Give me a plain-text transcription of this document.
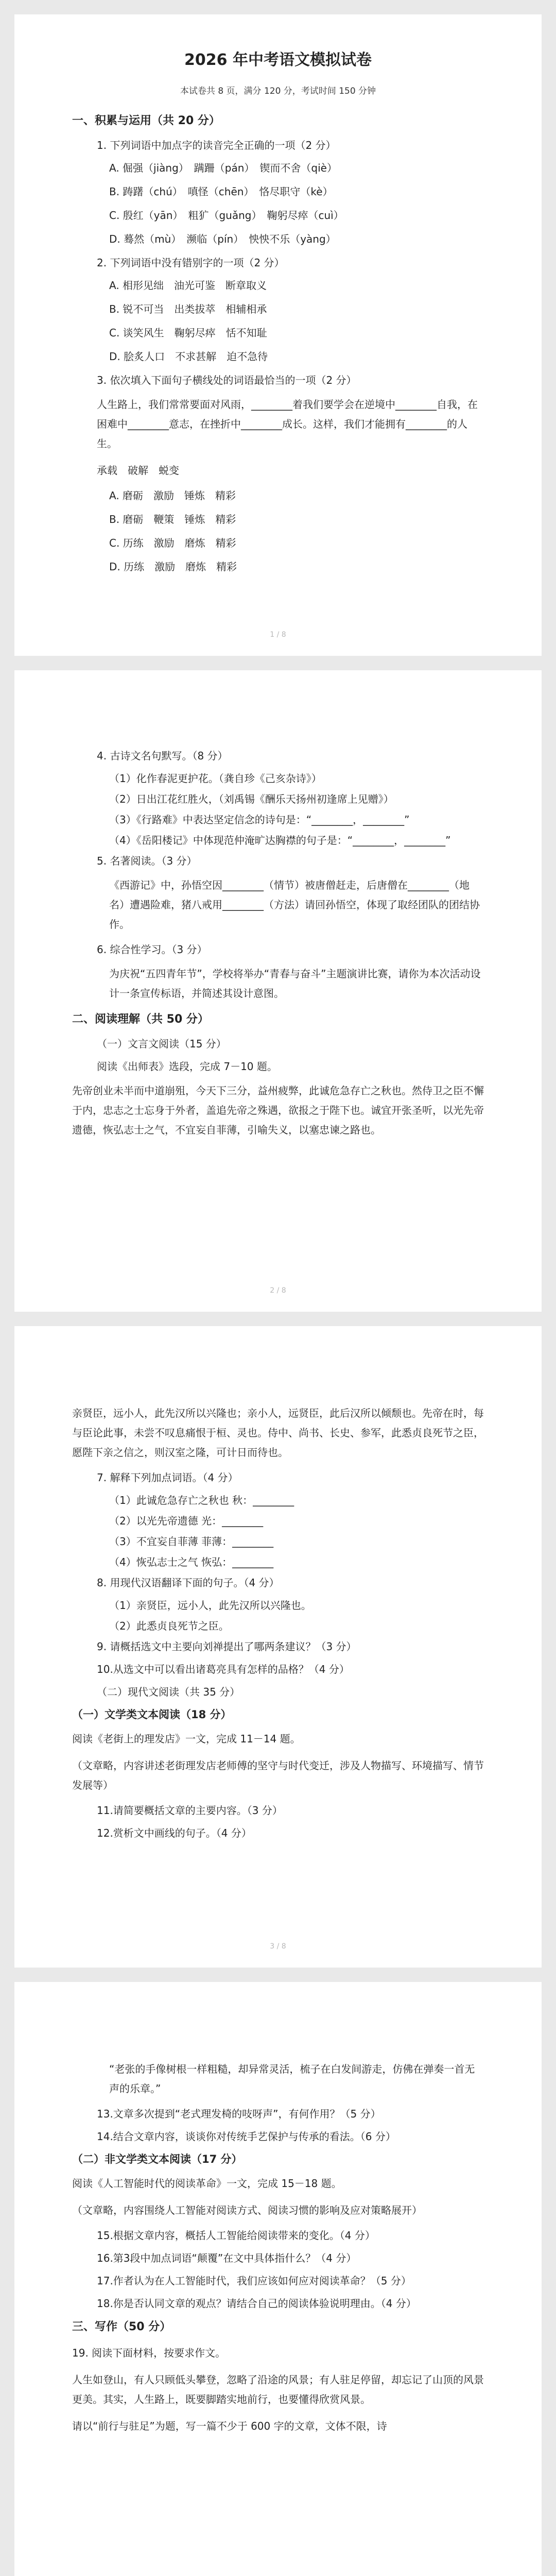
2026 年中考语文模拟试卷
本试卷共 8 页，满分 120 分，考试时间 150 分钟
一、积累与运用（共 20 分）
1. 下列词语中加点字的读音完全正确的一项（2 分）
A. 倔强（jiàng）　蹒跚（pán）　锲而不舍（qiè）
B. 踌躇（chú）　嗔怪（chēn）　恪尽职守（kè）
C. 殷红（yān）　粗犷（guǎng）　鞠躬尽瘁（cuì）
D. 蓦然（mù）　濒临（pín）　怏怏不乐（yàng）
2. 下列词语中没有错别字的一项（2 分）
A. 相形见绌　油光可鉴　断章取义
B. 锐不可当　出类拔萃　相辅相承
C. 谈笑风生　鞠躬尽瘁　恬不知耻
D. 脍炙人口　不求甚解　迫不急待
3. 依次填入下面句子横线处的词语最恰当的一项（2 分）
人生路上，我们常常要面对风雨，________着我们要学会在逆境中________自我，在困难中________意志，在挫折中________成长。这样，我们才能拥有________的人生。
承载　破解　蜕变
A. 磨砺　激励　锤炼　精彩
B. 磨砺　鞭策　锤炼　精彩
C. 历练　激励　磨炼　精彩
D. 历练　激励　磨炼　精彩
1 / 8
4. 古诗文名句默写。（8 分）
（1）化作春泥更护花。（龚自珍《己亥杂诗》）
（2）日出江花红胜火，（刘禹锡《酬乐天扬州初逢席上见赠》）
（3）《行路难》中表达坚定信念的诗句是：“________，________”
（4）《岳阳楼记》中体现范仲淹旷达胸襟的句子是：“________，________”
5. 名著阅读。（3 分）
《西游记》中，孙悟空因________（情节）被唐僧赶走，后唐僧在________（地名）遭遇险难，猪八戒用________（方法）请回孙悟空，体现了取经团队的团结协作。
6. 综合性学习。（3 分）
为庆祝“五四青年节”，学校将举办“青春与奋斗”主题演讲比赛，请你为本次活动设计一条宣传标语，并简述其设计意图。
二、阅读理解（共 50 分）
（一）文言文阅读（15 分）
阅读《出师表》选段，完成 7－10 题。
先帝创业未半而中道崩殂，今天下三分，益州疲弊，此诚危急存亡之秋也。然侍卫之臣不懈于内，忠志之士忘身于外者，盖追先帝之殊遇，欲报之于陛下也。诚宜开张圣听，以光先帝遗德，恢弘志士之气，不宜妄自菲薄，引喻失义，以塞忠谏之路也。
2 / 8
亲贤臣，远小人，此先汉所以兴隆也；亲小人，远贤臣，此后汉所以倾颓也。先帝在时，每与臣论此事，未尝不叹息痛恨于桓、灵也。侍中、尚书、长史、参军，此悉贞良死节之臣，愿陛下亲之信之，则汉室之隆，可计日而待也。
7. 解释下列加点词语。（4 分）
（1）此诚危急存亡之秋也 秋：________
（2）以光先帝遗德 光：________
（3）不宜妄自菲薄 菲薄：________
（4）恢弘志士之气 恢弘：________
8. 用现代汉语翻译下面的句子。（4 分）
（1）亲贤臣，远小人，此先汉所以兴隆也。
（2）此悉贞良死节之臣。
9. 请概括选文中主要向刘禅提出了哪两条建议？（3 分）
10.从选文中可以看出诸葛亮具有怎样的品格？（4 分）
（二）现代文阅读（共 35 分）
（一）文学类文本阅读（18 分）
阅读《老街上的理发店》一文，完成 11－14 题。
（文章略，内容讲述老街理发店老师傅的坚守与时代变迁，涉及人物描写、环境描写、情节发展等）
11.请简要概括文章的主要内容。（3 分）
12.赏析文中画线的句子。（4 分）
3 / 8
“老张的手像树根一样粗糙，却异常灵活，梳子在白发间游走，仿佛在弹奏一首无声的乐章。”
13.文章多次提到“老式理发椅的吱呀声”，有何作用？（5 分）
14.结合文章内容，谈谈你对传统手艺保护与传承的看法。（6 分）
（二）非文学类文本阅读（17 分）
阅读《人工智能时代的阅读革命》一文，完成 15－18 题。
（文章略，内容围绕人工智能对阅读方式、阅读习惯的影响及应对策略展开）
15.根据文章内容，概括人工智能给阅读带来的变化。（4 分）
16.第3段中加点词语“颠覆”在文中具体指什么？（4 分）
17.作者认为在人工智能时代，我们应该如何应对阅读革命？（5 分）
18.你是否认同文章的观点？请结合自己的阅读体验说明理由。（4 分）
三、写作（50 分）
19. 阅读下面材料，按要求作文。
人生如登山，有人只顾低头攀登，忽略了沿途的风景；有人驻足停留，却忘记了山顶的风景更美。其实，人生路上，既要脚踏实地前行，也要懂得欣赏风景。
请以“前行与驻足”为题，写一篇不少于 600 字的文章，文体不限，诗
